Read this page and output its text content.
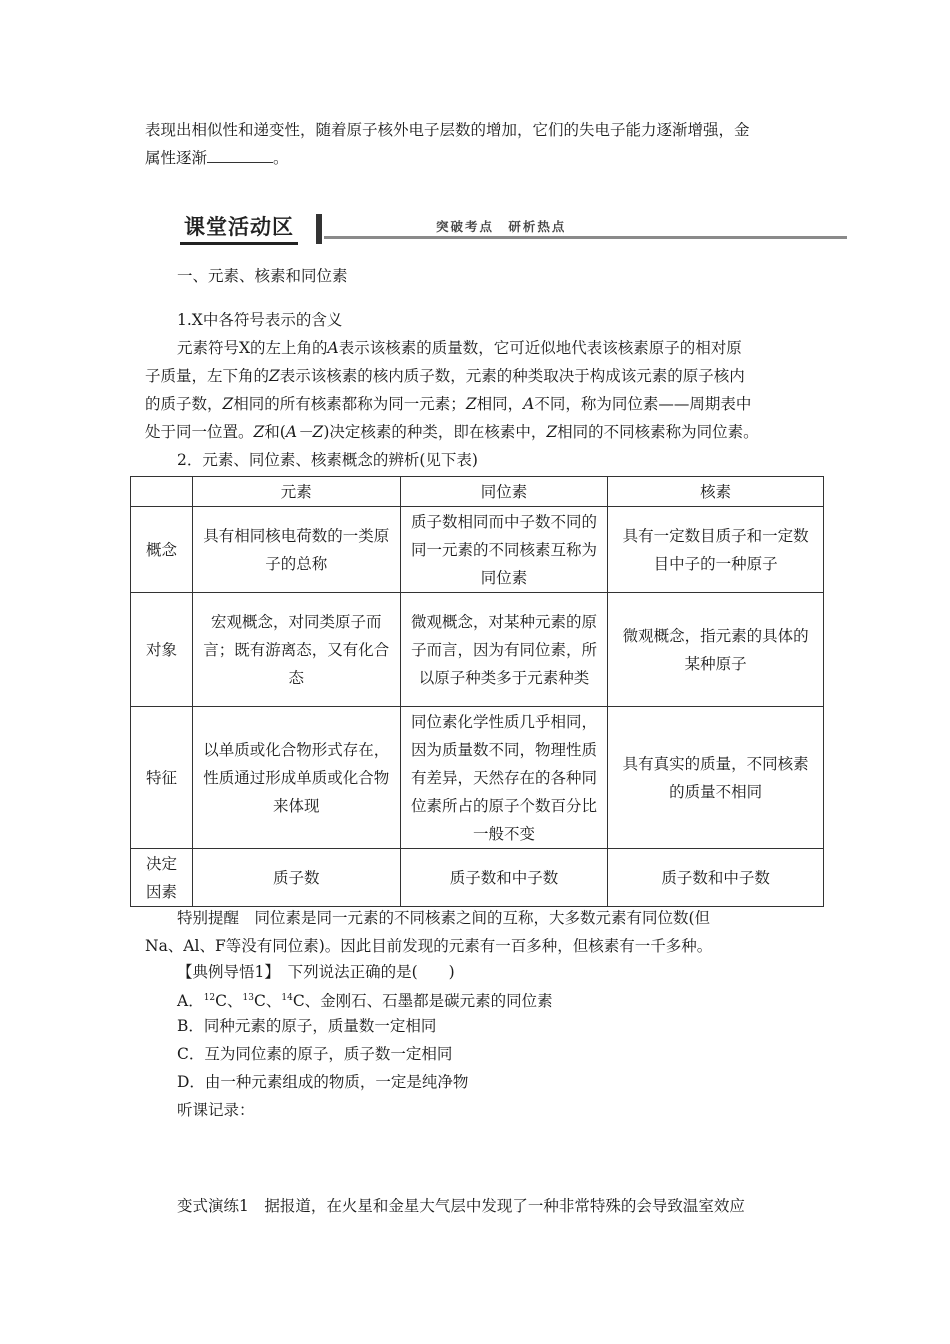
表现出相似性和递变性，随着原子核外电子层数的增加，它们的失电子能力逐渐增强，金

属性逐渐	。

课堂活动区	突破考点 研析热点

一、元素、核素和同位素

1.X中各符号表示的含义

元素符号X的左上角的A表示该核素的质量数，它可近似地代表该核素原子的相对原

子质量，左下角的Z表示该核素的核内质子数，元素的种类取决于构成该元素的原子核内

的质子数，Z相同的所有核素都称为同一元素；Z相同，A不同，称为同位素——周期表中

处于同一位置。Z和(A－Z)决定核素的种类，即在核素中，Z相同的不同核素称为同位素。

2．元素、同位素、核素概念的辨析(见下表)

	元素	同位素	核素
概念	具有相同核电荷数的一类原子的总称	质子数相同而中子数不同的同一元素的不同核素互称为同位素	具有一定数目质子和一定数目中子的一种原子
对象	宏观概念，对同类原子而言；既有游离态，又有化合态	微观概念，对某种元素的原子而言，因为有同位素，所以原子种类多于元素种类	微观概念，指元素的具体的某种原子
特征	以单质或化合物形式存在，性质通过形成单质或化合物来体现	同位素化学性质几乎相同，因为质量数不同，物理性质有差异，天然存在的各种同位素所占的原子个数百分比一般不变	具有真实的质量，不同核素的质量不相同
决定因素	质子数	质子数和中子数	质子数和中子数

特别提醒　同位素是同一元素的不同核素之间的互称，大多数元素有同位数(但

Na、Al、F等没有同位素)。因此目前发现的元素有一百多种，但核素有一千多种。

【典例导悟1】　下列说法正确的是(　　)

A．$^{12}$C、$^{13}$C、$^{14}$C、金刚石、石墨都是碳元素的同位素

B．同种元素的原子，质量数一定相同

C．互为同位素的原子，质子数一定相同

D．由一种元素组成的物质，一定是纯净物

听课记录：

变式演练1　据报道，在火星和金星大气层中发现了一种非常特殊的会导致温室效应
